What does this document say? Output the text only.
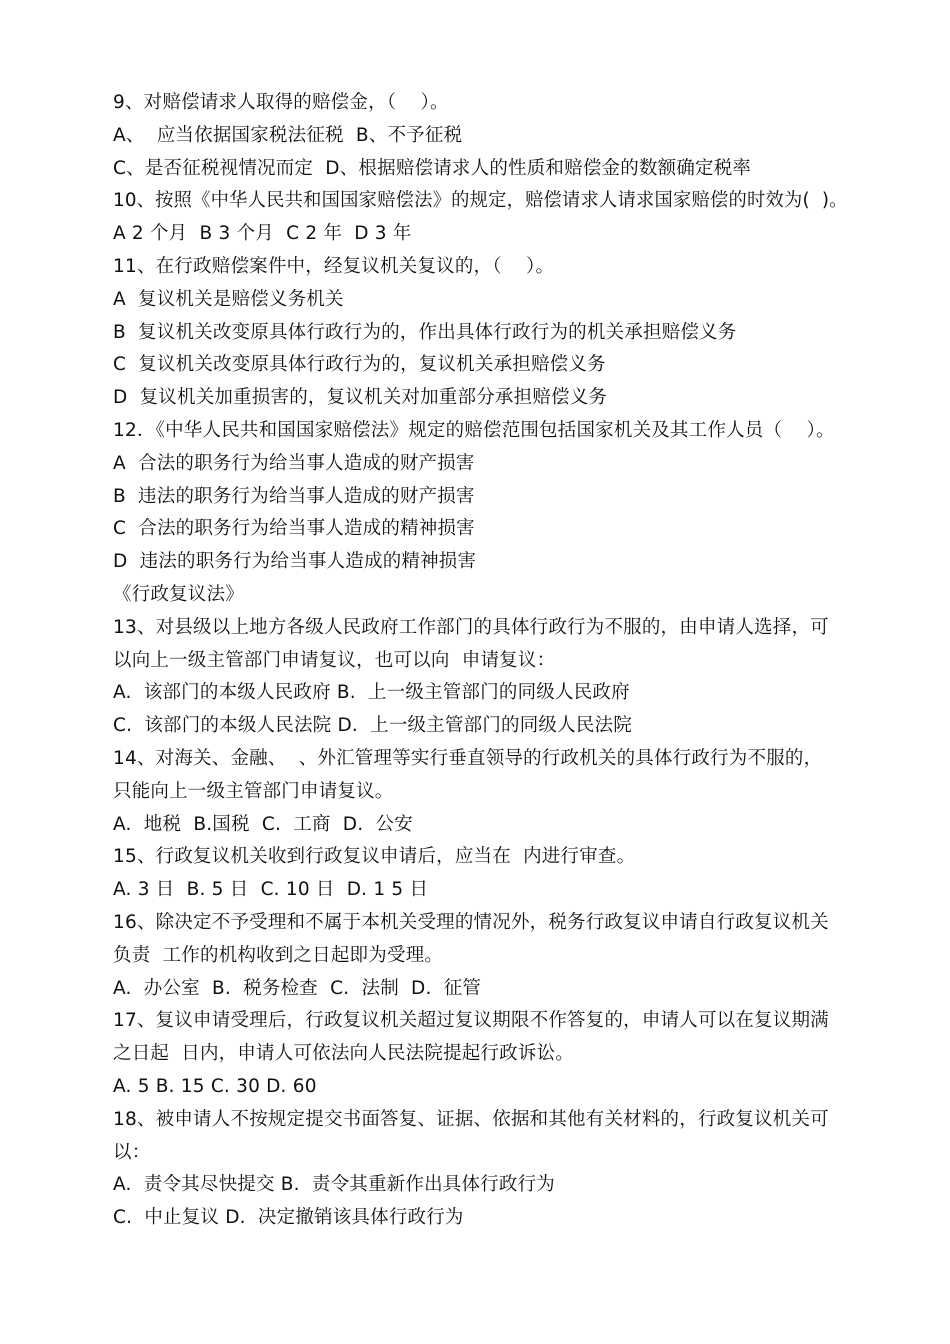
9、对赔偿请求人取得的赔偿金，（    ）。
A、  应当依据国家税法征税  B、不予征税
C、是否征税视情况而定  D、根据赔偿请求人的性质和赔偿金的数额确定税率
10、按照《中华人民共和国国家赔偿法》的规定，赔偿请求人请求国家赔偿的时效为(  )。
A 2 个月  B 3 个月  C 2 年  D 3 年
11、在行政赔偿案件中，经复议机关复议的，（    ）。
A  复议机关是赔偿义务机关
B  复议机关改变原具体行政行为的，作出具体行政行为的机关承担赔偿义务
C  复议机关改变原具体行政行为的，复议机关承担赔偿义务
D  复议机关加重损害的，复议机关对加重部分承担赔偿义务
12．《中华人民共和国国家赔偿法》规定的赔偿范围包括国家机关及其工作人员（    ）。
A  合法的职务行为给当事人造成的财产损害
B  违法的职务行为给当事人造成的财产损害
C  合法的职务行为给当事人造成的精神损害
D  违法的职务行为给当事人造成的精神损害
《行政复议法》
13、对县级以上地方各级人民政府工作部门的具体行政行为不服的，由申请人选择，可
以向上一级主管部门申请复议，也可以向  申请复议：
A.  该部门的本级人民政府 B.  上一级主管部门的同级人民政府
C.  该部门的本级人民法院 D.  上一级主管部门的同级人民法院
14、对海关、金融、  、外汇管理等实行垂直领导的行政机关的具体行政行为不服的，
只能向上一级主管部门申请复议。
A.  地税  B.国税  C.  工商  D.  公安
15、行政复议机关收到行政复议申请后，应当在  内进行审查。
A. 3 日  B. 5 日  C. 10 日  D. 1 5 日
16、除决定不予受理和不属于本机关受理的情况外，税务行政复议申请自行政复议机关
负责  工作的机构收到之日起即为受理。
A.  办公室  B.  税务检查  C.  法制  D.  征管
17、复议申请受理后，行政复议机关超过复议期限不作答复的，申请人可以在复议期满
之日起  日内，申请人可依法向人民法院提起行政诉讼。
A. 5 B. 15 C. 30 D. 60
18、被申请人不按规定提交书面答复、证据、依据和其他有关材料的，行政复议机关可
以：
A.  责令其尽快提交 B.  责令其重新作出具体行政行为
C.  中止复议 D.  决定撤销该具体行政行为
